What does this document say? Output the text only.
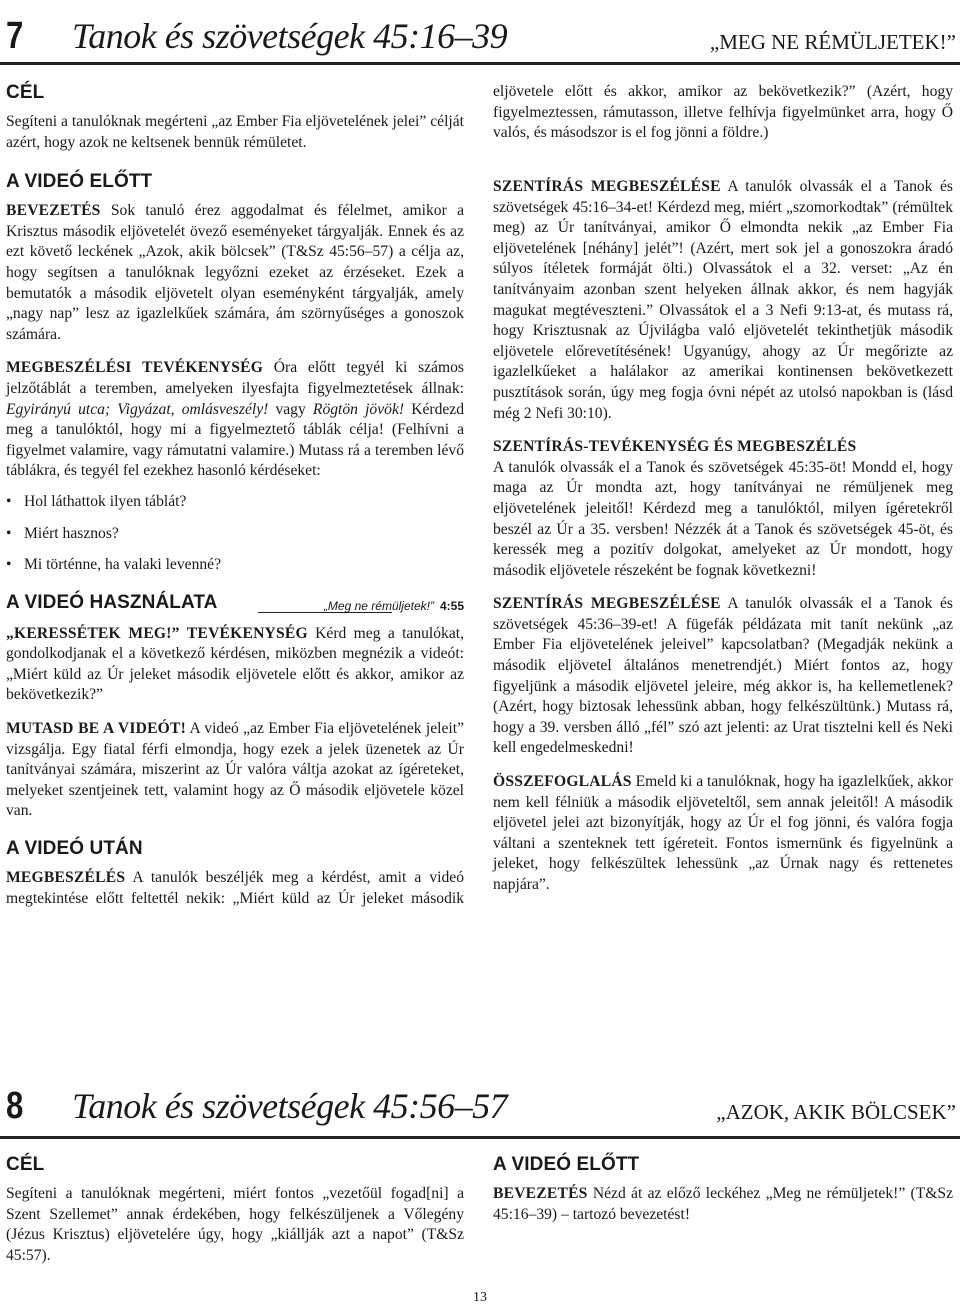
7 Tanok és szövetségek 45:16–39	„MEG NE RÉMÜLJETEK!”
CÉL

Segíteni a tanulóknak megérteni „az Ember Fia eljövetelének jelei” célját azért, hogy azok ne keltsenek bennük rémületet.

A VIDEÓ ELŐTT

BEVEZETÉS Sok tanuló érez aggodalmat és félelmet, amikor a Krisztus második eljövetelét övező eseményeket tárgyalják. Ennek és az ezt követő leckének „Azok, akik bölcsek” (T&Sz 45:56–57) a célja az, hogy segítsen a tanulóknak legyőzni ezeket az érzéseket. Ezek a bemutatók a második eljövetelt olyan eseményként tárgyalják, amely „nagy nap” lesz az igazlelkűek számára, ám szörnyűséges a gonoszok számára.

MEGBESZÉLÉSI TEVÉKENYSÉG Óra előtt tegyél ki számos jelzőtáblát a teremben, amelyeken ilyesfajta figyelmeztetések állnak: Egyirányú utca; Vigyázat, omlásveszély! vagy Rögtön jövök! Kérdezd meg a tanulóktól, hogy mi a figyelmeztető táblák célja! (Felhívni a figyelmet valamire, vagy rámutatni valamire.) Mutass rá a teremben lévő táblákra, és tegyél fel ezekhez hasonló kérdéseket:

• Hol láthattok ilyen táblát?
• Miért hasznos?
• Mi történne, ha valaki levenné?
A VIDEÓ HASZNÁLATA	„Meg ne rémüljetek!” 4:55

„KERESSÉTEK MEG!” TEVÉKENYSÉG Kérd meg a tanulókat, gondolkodjanak el a következő kérdésen, miközben megnézik a videót: „Miért küld az Úr jeleket második eljövetele előtt és akkor, amikor az bekövetkezik?”

MUTASD BE A VIDEÓT! A videó „az Ember Fia eljövetelének jeleit” vizsgálja. Egy fiatal férfi elmondja, hogy ezek a jelek üzenetek az Úr tanítványai számára, miszerint az Úr valóra váltja azokat az ígéreteket, melyeket szentjeinek tett, valamint hogy az Ő második eljövetele közel van.

A VIDEÓ UTÁN

MEGBESZÉLÉS A tanulók beszéljék meg a kérdést, amit a videó megtekintése előtt feltettél nekik: „Miért küld az Úr jeleket második

eljövetele előtt és akkor, amikor az bekövetkezik?” (Azért, hogy figyelmeztessen, rámutasson, illetve felhívja figyelmünket arra, hogy Ő valós, és másodszor is el fog jönni a földre.)

SZENTÍRÁS MEGBESZÉLÉSE A tanulók olvassák el a Tanok és szövetségek 45:16–34-et! Kérdezd meg, miért „szomorkodtak” (rémültek meg) az Úr tanítványai, amikor Ő elmondta nekik „az Ember Fia eljövetelének [néhány] jelét”! (Azért, mert sok jel a gonoszokra áradó súlyos ítéletek formáját ölti.) Olvassátok el a 32. verset: „Az én tanítványaim azonban szent helyeken állnak akkor, és nem hagyják magukat megtéveszteni.” Olvassátok el a 3 Nefi 9:13-at, és mutass rá, hogy Krisztusnak az Újvilágba való eljövetelét tekinthetjük második eljövetele előrevetítésének! Ugyanúgy, ahogy az Úr megőrizte az igazlelkűeket a halálakor az amerikai kontinensen bekövetkezett pusztítások során, úgy meg fogja óvni népét az utolsó napokban is (lásd még 2 Nefi 30:10).

SZENTÍRÁS-TEVÉKENYSÉG ÉS MEGBESZÉLÉS
A tanulók olvassák el a Tanok és szövetségek 45:35-öt! Mondd el, hogy maga az Úr mondta azt, hogy tanítványai ne rémüljenek meg eljövetelének jeleitől! Kérdezd meg a tanulóktól, milyen ígéretekről beszél az Úr a 35. versben! Nézzék át a Tanok és szövetségek 45-öt, és keressék meg a pozitív dolgokat, amelyeket az Úr mondott, hogy második eljövetele részeként be fognak következni!

SZENTÍRÁS MEGBESZÉLÉSE A tanulók olvassák el a Tanok és szövetségek 45:36–39-et! A fügefák példázata mit tanít nekünk „az Ember Fia eljövetelének jeleivel” kapcsolatban? (Megadják nekünk a második eljövetel általános menetrendjét.) Miért fontos az, hogy figyeljünk a második eljövetel jeleire, még akkor is, ha kellemetlenek? (Azért, hogy biztosak lehessünk abban, hogy felkészültünk.) Mutass rá, hogy a 39. versben álló „fél” szó azt jelenti: az Urat tisztelni kell és Neki kell engedelmeskedni!

ÖSSZEFOGLALÁS Emeld ki a tanulóknak, hogy ha igazlelkűek, akkor nem kell félniük a második eljöveteltől, sem annak jeleitől! A második eljövetel jelei azt bizonyítják, hogy az Úr el fog jönni, és valóra fogja váltani a szenteknek tett ígéreteit. Fontos ismernünk és figyelnünk a jeleket, hogy felkészültek lehessünk „az Úrnak nagy és rettenetes napjára”.

8 Tanok és szövetségek 45:56–57	„AZOK, AKIK BÖLCSEK”
CÉL

Segíteni a tanulóknak megérteni, miért fontos „vezetőül fogad[ni] a Szent Szellemet” annak érdekében, hogy felkészüljenek a Vőlegény (Jézus Krisztus) eljövetelére úgy, hogy „kiállják azt a napot” (T&Sz 45:57).

A VIDEÓ ELŐTT

BEVEZETÉS Nézd át az előző leckéhez „Meg ne rémüljetek!” (T&Sz 45:16–39) – tartozó bevezetést!

13
